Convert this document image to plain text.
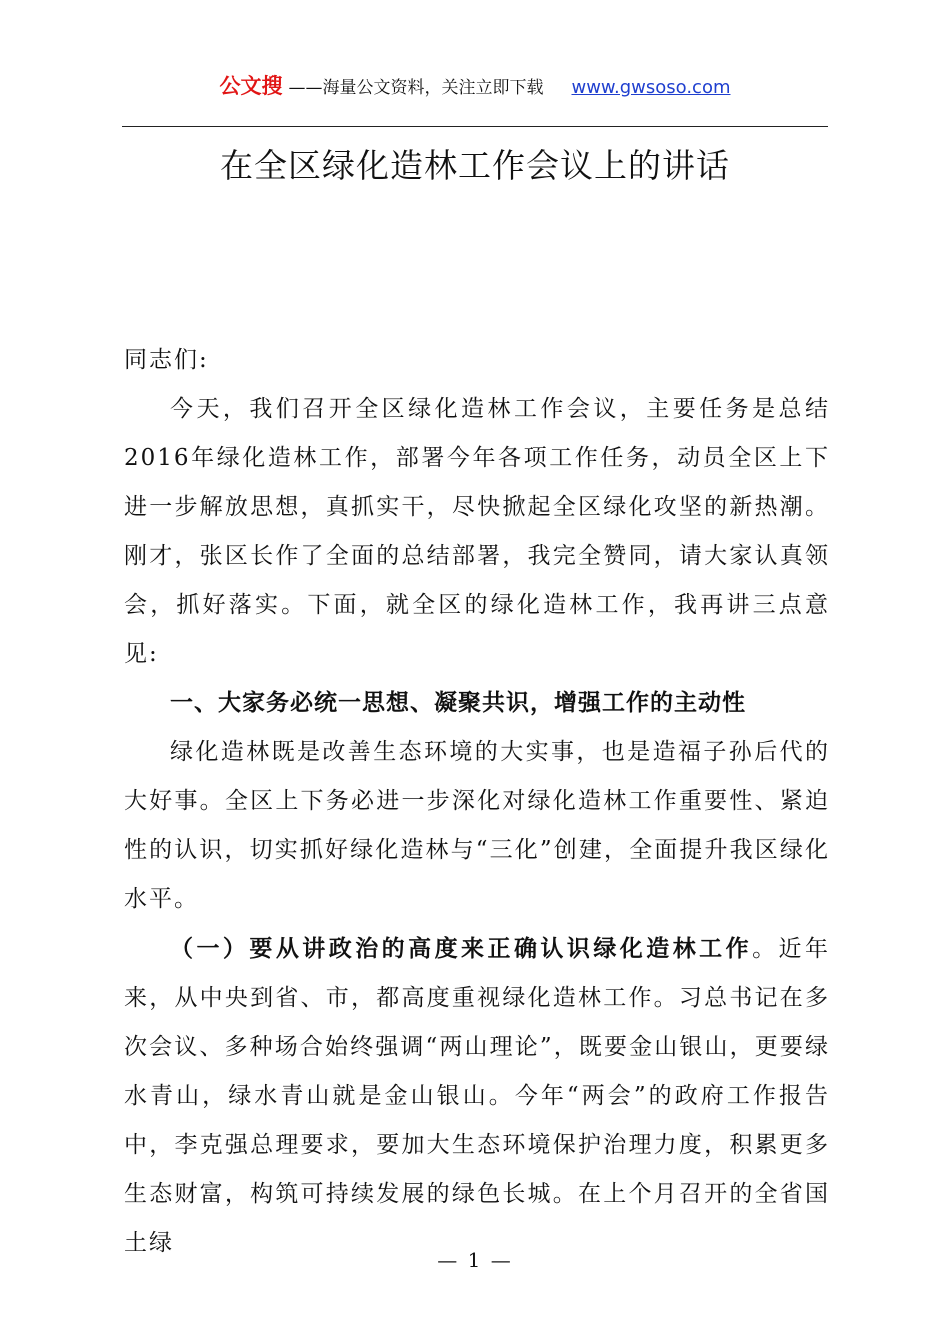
公文搜 ——海量公文资料，关注立即下载 www.gwsoso.com
在全区绿化造林工作会议上的讲话

同志们:

今天，我们召开全区绿化造林工作会议，主要任务是总结2016年绿化造林工作，部署今年各项工作任务，动员全区上下进一步解放思想，真抓实干，尽快掀起全区绿化攻坚的新热潮。刚才，张区长作了全面的总结部署，我完全赞同，请大家认真领会，抓好落实。下面，就全区的绿化造林工作，我再讲三点意见:

一、大家务必统一思想、凝聚共识，增强工作的主动性

绿化造林既是改善生态环境的大实事，也是造福子孙后代的大好事。全区上下务必进一步深化对绿化造林工作重要性、紧迫性的认识，切实抓好绿化造林与“三化”创建，全面提升我区绿化水平。

（一）要从讲政治的高度来正确认识绿化造林工作。近年来，从中央到省、市，都高度重视绿化造林工作。习总书记在多次会议、多种场合始终强调“两山理论”，既要金山银山，更要绿水青山，绿水青山就是金山银山。今年“两会”的政府工作报告中，李克强总理要求，要加大生态环境保护治理力度，积累更多生态财富，构筑可持续发展的绿色长城。在上个月召开的全省国土绿

— 1 —
